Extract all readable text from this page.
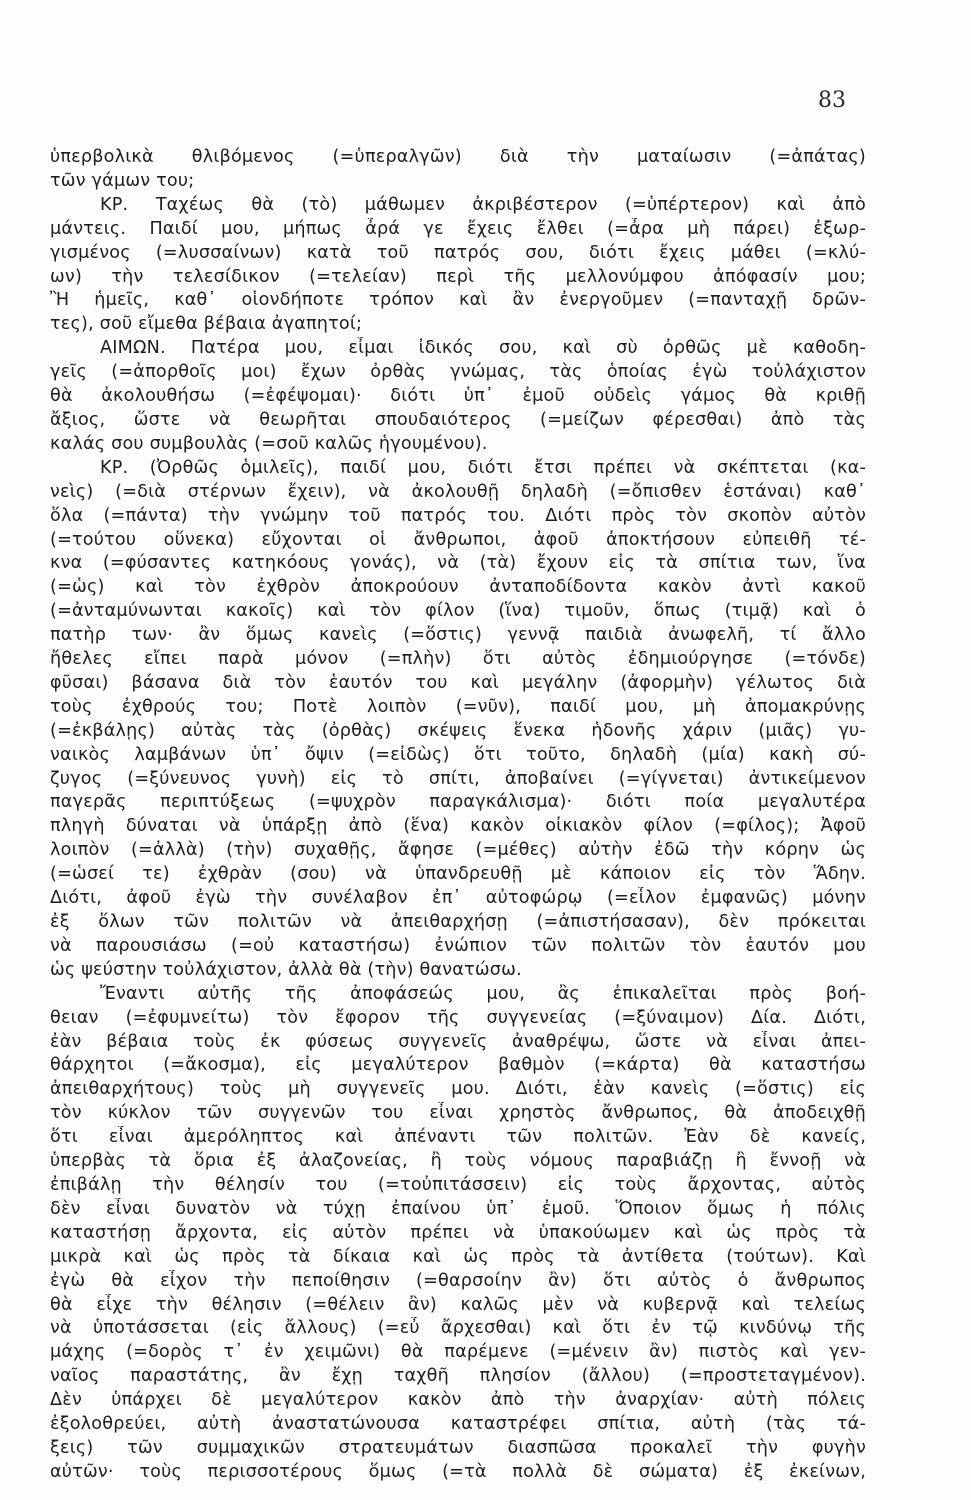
83
ὑπερβολικὰ θλιβόμενος (=ὑπεραλγῶν) διὰ τὴν ματαίωσιν (=ἀπάτας)
τῶν γάμων του;
ΚΡ. Ταχέως θὰ (τὸ) μάθωμεν ἀκριβέστερον (=ὑπέρτερον) καὶ ἀπὸ
μάντεις. Παιδί μου, μήπως ἆρά γε ἔχεις ἔλθει (=ἆρα μὴ πάρει) ἐξωρ-
γισμένος (=λυσσαίνων) κατὰ τοῦ πατρός σου, διότι ἔχεις μάθει (=κλύ-
ων) τὴν τελεσίδικον (=τελείαν) περὶ τῆς μελλονύμφου ἀπόφασίν μου;
Ἢ ἡμεῖς, καθ᾽ οἱονδήποτε τρόπον καὶ ἂν ἐνεργοῦμεν (=πανταχῇ δρῶν-
τες), σοῦ εἴμεθα βέβαια ἀγαπητοί;
ΑΙΜΩΝ. Πατέρα μου, εἶμαι ἰδικός σου, καὶ σὺ ὀρθῶς μὲ καθοδη-
γεῖς (=ἀπορθοῖς μοι) ἔχων ὀρθὰς γνώμας, τὰς ὁποίας ἐγὼ τοὐλάχιστον
θὰ ἀκολουθήσω (=ἐφέψομαι)· διότι ὑπ᾽ ἐμοῦ οὐδεὶς γάμος θὰ κριθῇ
ἄξιος, ὥστε νὰ θεωρῆται σπουδαιότερος (=μείζων φέρεσθαι) ἀπὸ τὰς
καλάς σου συμβουλὰς (=σοῦ καλῶς ἡγουμένου).
ΚΡ. (Ὀρθῶς ὁμιλεῖς), παιδί μου, διότι ἔτσι πρέπει νὰ σκέπτεται (κα-
νεὶς) (=διὰ στέρνων ἔχειν), νὰ ἀκολουθῇ δηλαδὴ (=ὄπισθεν ἑστάναι) καθ᾽
ὅλα (=πάντα) τὴν γνώμην τοῦ πατρός του. Διότι πρὸς τὸν σκοπὸν αὐτὸν
(=τούτου οὕνεκα) εὔχονται οἱ ἄνθρωποι, ἀφοῦ ἀποκτήσουν εὐπειθῆ τέ-
κνα (=φύσαντες κατηκόους γονάς), νὰ (τὰ) ἔχουν εἰς τὰ σπίτια των, ἵνα
(=ὡς) καὶ τὸν ἐχθρὸν ἀποκρούουν ἀνταποδίδοντα κακὸν ἀντὶ κακοῦ
(=ἀνταμύνωνται κακοῖς) καὶ τὸν φίλον (ἵνα) τιμοῦν, ὅπως (τιμᾷ) καὶ ὁ
πατὴρ των· ἂν ὅμως κανεὶς (=ὅστις) γεννᾷ παιδιὰ ἀνωφελῆ, τί ἄλλο
ἤθελες εἴπει παρὰ μόνον (=πλὴν) ὅτι αὐτὸς ἐδημιούργησε (=τόνδε)
φῦσαι) βάσανα διὰ τὸν ἑαυτόν του καὶ μεγάλην (ἀφορμὴν) γέλωτος διὰ
τοὺς ἐχθρούς του; Ποτὲ λοιπὸν (=νῦν), παιδί μου, μὴ ἀπομακρύνῃς
(=ἐκβάλῃς) αὐτὰς τὰς (ὀρθὰς) σκέψεις ἕνεκα ἡδονῆς χάριν (μιᾶς) γυ-
ναικὸς λαμβάνων ὑπ᾽ ὄψιν (=εἰδὼς) ὅτι τοῦτο, δηλαδὴ (μία) κακὴ σύ-
ζυγος (=ξύνευνος γυνὴ) εἰς τὸ σπίτι, ἀποβαίνει (=γίγνεται) ἀντικείμενον
παγερᾶς περιπτύξεως (=ψυχρὸν παραγκάλισμα)· διότι ποία μεγαλυτέρα
πληγὴ δύναται νὰ ὑπάρξῃ ἀπὸ (ἕνα) κακὸν οἰκιακὸν φίλον (=φίλος); Ἀφοῦ
λοιπὸν (=ἀλλὰ) (τὴν) συχαθῇς, ἄφησε (=μέθες) αὐτὴν ἐδῶ τὴν κόρην ὡς
(=ὡσεί τε) ἐχθρὰν (σου) νὰ ὑπανδρευθῇ μὲ κάποιον εἰς τὸν Ἅδην.
Διότι, ἀφοῦ ἐγὼ τὴν συνέλαβον ἐπ᾽ αὐτοφώρῳ (=εἷλον ἐμφανῶς) μόνην
ἐξ ὅλων τῶν πολιτῶν νὰ ἀπειθαρχήσῃ (=ἀπιστήσασαν), δὲν πρόκειται
νὰ παρουσιάσω (=οὐ καταστήσω) ἐνώπιον τῶν πολιτῶν τὸν ἑαυτόν μου
ὡς ψεύστην τοὐλάχιστον, ἀλλὰ θὰ (τὴν) θανατώσω.
Ἔναντι αὐτῆς τῆς ἀποφάσεώς μου, ἂς ἐπικαλεῖται πρὸς βοή-
θειαν (=ἐφυμνείτω) τὸν ἔφορον τῆς συγγενείας (=ξύναιμον) Δία. Διότι,
ἐὰν βέβαια τοὺς ἐκ φύσεως συγγενεῖς ἀναθρέψω, ὥστε νὰ εἶναι ἀπει-
θάρχητοι (=ἄκοσμα), εἰς μεγαλύτερον βαθμὸν (=κάρτα) θὰ καταστήσω
ἀπειθαρχήτους) τοὺς μὴ συγγενεῖς μου. Διότι, ἐὰν κανεὶς (=ὅστις) εἰς
τὸν κύκλον τῶν συγγενῶν του εἶναι χρηστὸς ἄνθρωπος, θὰ ἀποδειχθῇ
ὅτι εἶναι ἀμερόληπτος καὶ ἀπέναντι τῶν πολιτῶν. Ἐὰν δὲ κανείς,
ὑπερβὰς τὰ ὅρια ἐξ ἀλαζονείας, ἢ τοὺς νόμους παραβιάζῃ ἢ ἔννοῇ νὰ
ἐπιβάλῃ τὴν θέλησίν του (=τοὐπιτάσσειν) εἰς τοὺς ἄρχοντας, αὐτὸς
δὲν εἶναι δυνατὸν νὰ τύχῃ ἐπαίνου ὑπ᾽ ἐμοῦ. Ὅποιον ὅμως ἡ πόλις
καταστήσῃ ἄρχοντα, εἰς αὐτὸν πρέπει νὰ ὑπακούωμεν καὶ ὡς πρὸς τὰ
μικρὰ καὶ ὡς πρὸς τὰ δίκαια καὶ ὡς πρὸς τὰ ἀντίθετα (τούτων). Καὶ
ἐγὼ θὰ εἶχον τὴν πεποίθησιν (=θαρσοίην ἂν) ὅτι αὐτὸς ὁ ἄνθρωπος
θὰ εἶχε τὴν θέλησιν (=θέλειν ἂν) καλῶς μὲν νὰ κυβερνᾷ καὶ τελείως
νὰ ὑποτάσσεται (εἰς ἄλλους) (=εὖ ἄρχεσθαι) καὶ ὅτι ἐν τῷ κινδύνῳ τῆς
μάχης (=δορὸς τ᾽ ἐν χειμῶνι) θὰ παρέμενε (=μένειν ἂν) πιστὸς καὶ γεν-
ναῖος παραστάτης, ἂν ἔχῃ ταχθῆ πλησίον (ἄλλου) (=προστεταγμένον).
Δὲν ὑπάρχει δὲ μεγαλύτερον κακὸν ἀπὸ τὴν ἀναρχίαν· αὐτὴ πόλεις
ἐξολοθρεύει, αὐτὴ ἀναστατώνουσα καταστρέφει σπίτια, αὐτὴ (τὰς τά-
ξεις) τῶν συμμαχικῶν στρατευμάτων διασπῶσα προκαλεῖ τὴν φυγὴν
αὐτῶν· τοὺς περισσοτέρους ὅμως (=τὰ πολλὰ δὲ σώματα) ἐξ ἐκείνων,
